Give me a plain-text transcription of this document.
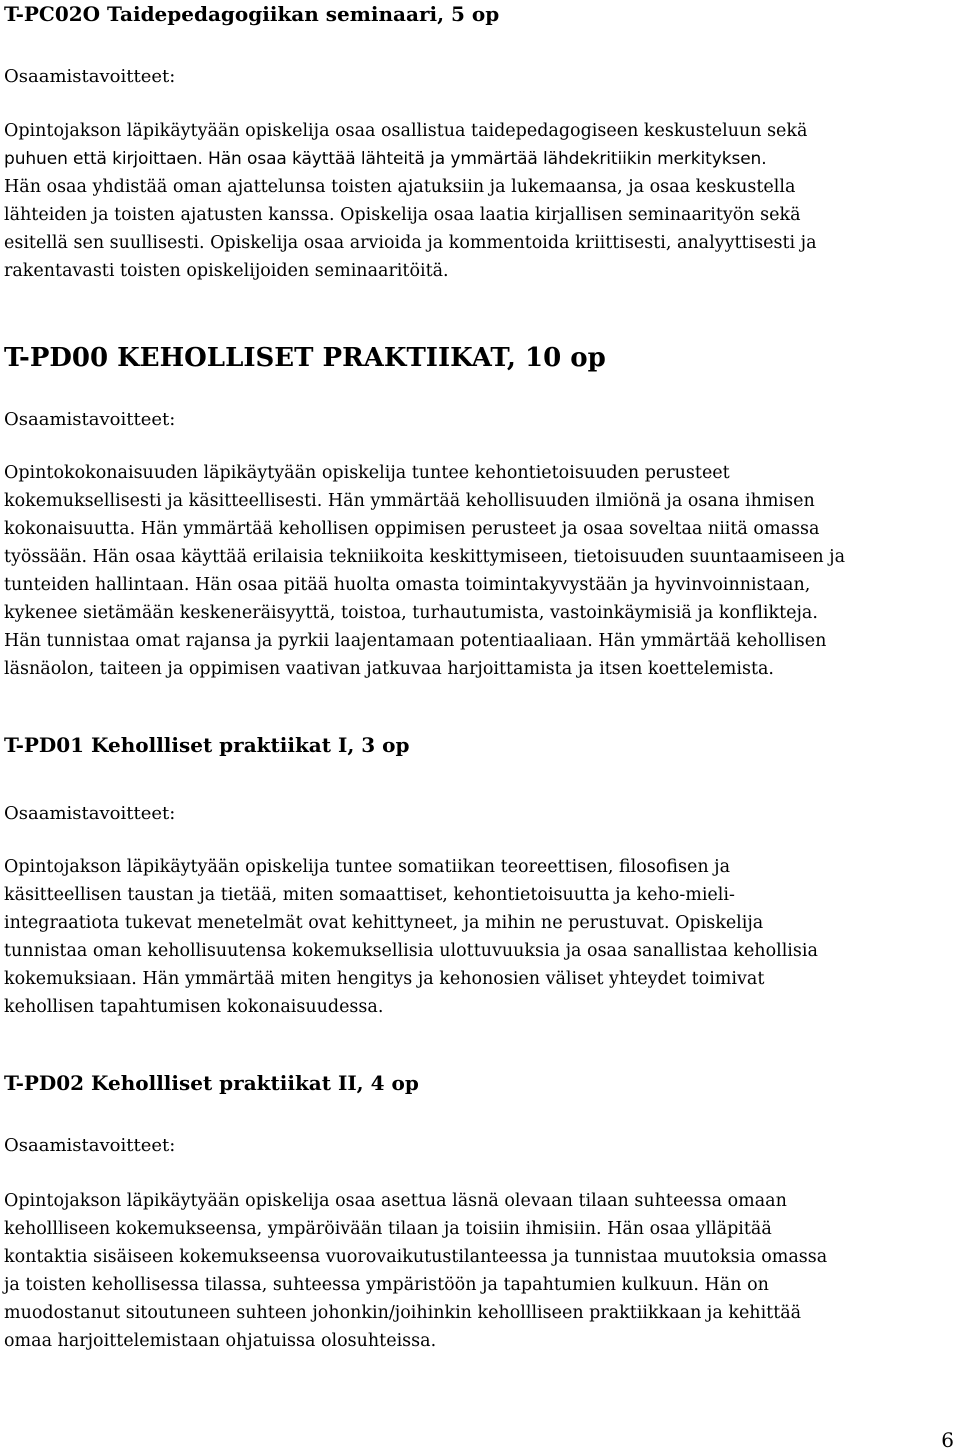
T-PC02O Taidepedagogiikan seminaari, 5 op
Osaamistavoitteet:
Opintojakson läpikäytyään opiskelija osaa osallistua taidepedagogiseen keskusteluun sekä
puhuen että kirjoittaen. Hän osaa käyttää lähteitä ja ymmärtää lähdekritiikin merkityksen.
Hän osaa yhdistää oman ajattelunsa toisten ajatuksiin ja lukemaansa, ja osaa keskustella
lähteiden ja toisten ajatusten kanssa. Opiskelija osaa laatia kirjallisen seminaarityön sekä
esitellä sen suullisesti. Opiskelija osaa arvioida ja kommentoida kriittisesti, analyyttisesti ja
rakentavasti toisten opiskelijoiden seminaaritöitä.
T-PD00 KEHOLLISET PRAKTIIKAT, 10 op
Osaamistavoitteet:
Opintokokonaisuuden läpikäytyään opiskelija tuntee kehontietoisuuden perusteet
kokemuksellisesti ja käsitteellisesti. Hän ymmärtää kehollisuuden ilmiönä ja osana ihmisen
kokonaisuutta. Hän ymmärtää kehollisen oppimisen perusteet ja osaa soveltaa niitä omassa
työssään. Hän osaa käyttää erilaisia tekniikoita keskittymiseen, tietoisuuden suuntaamiseen ja
tunteiden hallintaan. Hän osaa pitää huolta omasta toimintakyvystään ja hyvinvoinnistaan,
kykenee sietämään keskeneräisyyttä, toistoa, turhautumista, vastoinkäymisiä ja konflikteja.
Hän tunnistaa omat rajansa ja pyrkii laajentamaan potentiaaliaan. Hän ymmärtää kehollisen
läsnäolon, taiteen ja oppimisen vaativan jatkuvaa harjoittamista ja itsen koettelemista.
T-PD01 Kehollliset praktiikat I, 3 op
Osaamistavoitteet:
Opintojakson läpikäytyään opiskelija tuntee somatiikan teoreettisen, filosofisen ja
käsitteellisen taustan ja tietää, miten somaattiset, kehontietoisuutta ja keho-mieli-
integraatiota tukevat menetelmät ovat kehittyneet, ja mihin ne perustuvat. Opiskelija
tunnistaa oman kehollisuutensa kokemuksellisia ulottuvuuksia ja osaa sanallistaa kehollisia
kokemuksiaan. Hän ymmärtää miten hengitys ja kehonosien väliset yhteydet toimivat
kehollisen tapahtumisen kokonaisuudessa.
T-PD02 Kehollliset praktiikat II, 4 op
Osaamistavoitteet:
Opintojakson läpikäytyään opiskelija osaa asettua läsnä olevaan tilaan suhteessa omaan
kehollliseen kokemukseensa, ympäröivään tilaan ja toisiin ihmisiin. Hän osaa ylläpitää
kontaktia sisäiseen kokemukseensa vuorovaikutustilanteessa ja tunnistaa muutoksia omassa
ja toisten kehollisessa tilassa, suhteessa ympäristöön ja tapahtumien kulkuun. Hän on
muodostanut sitoutuneen suhteen johonkin/joihinkin kehollliseen praktiikkaan ja kehittää
omaa harjoittelemistaan ohjatuissa olosuhteissa.
6
